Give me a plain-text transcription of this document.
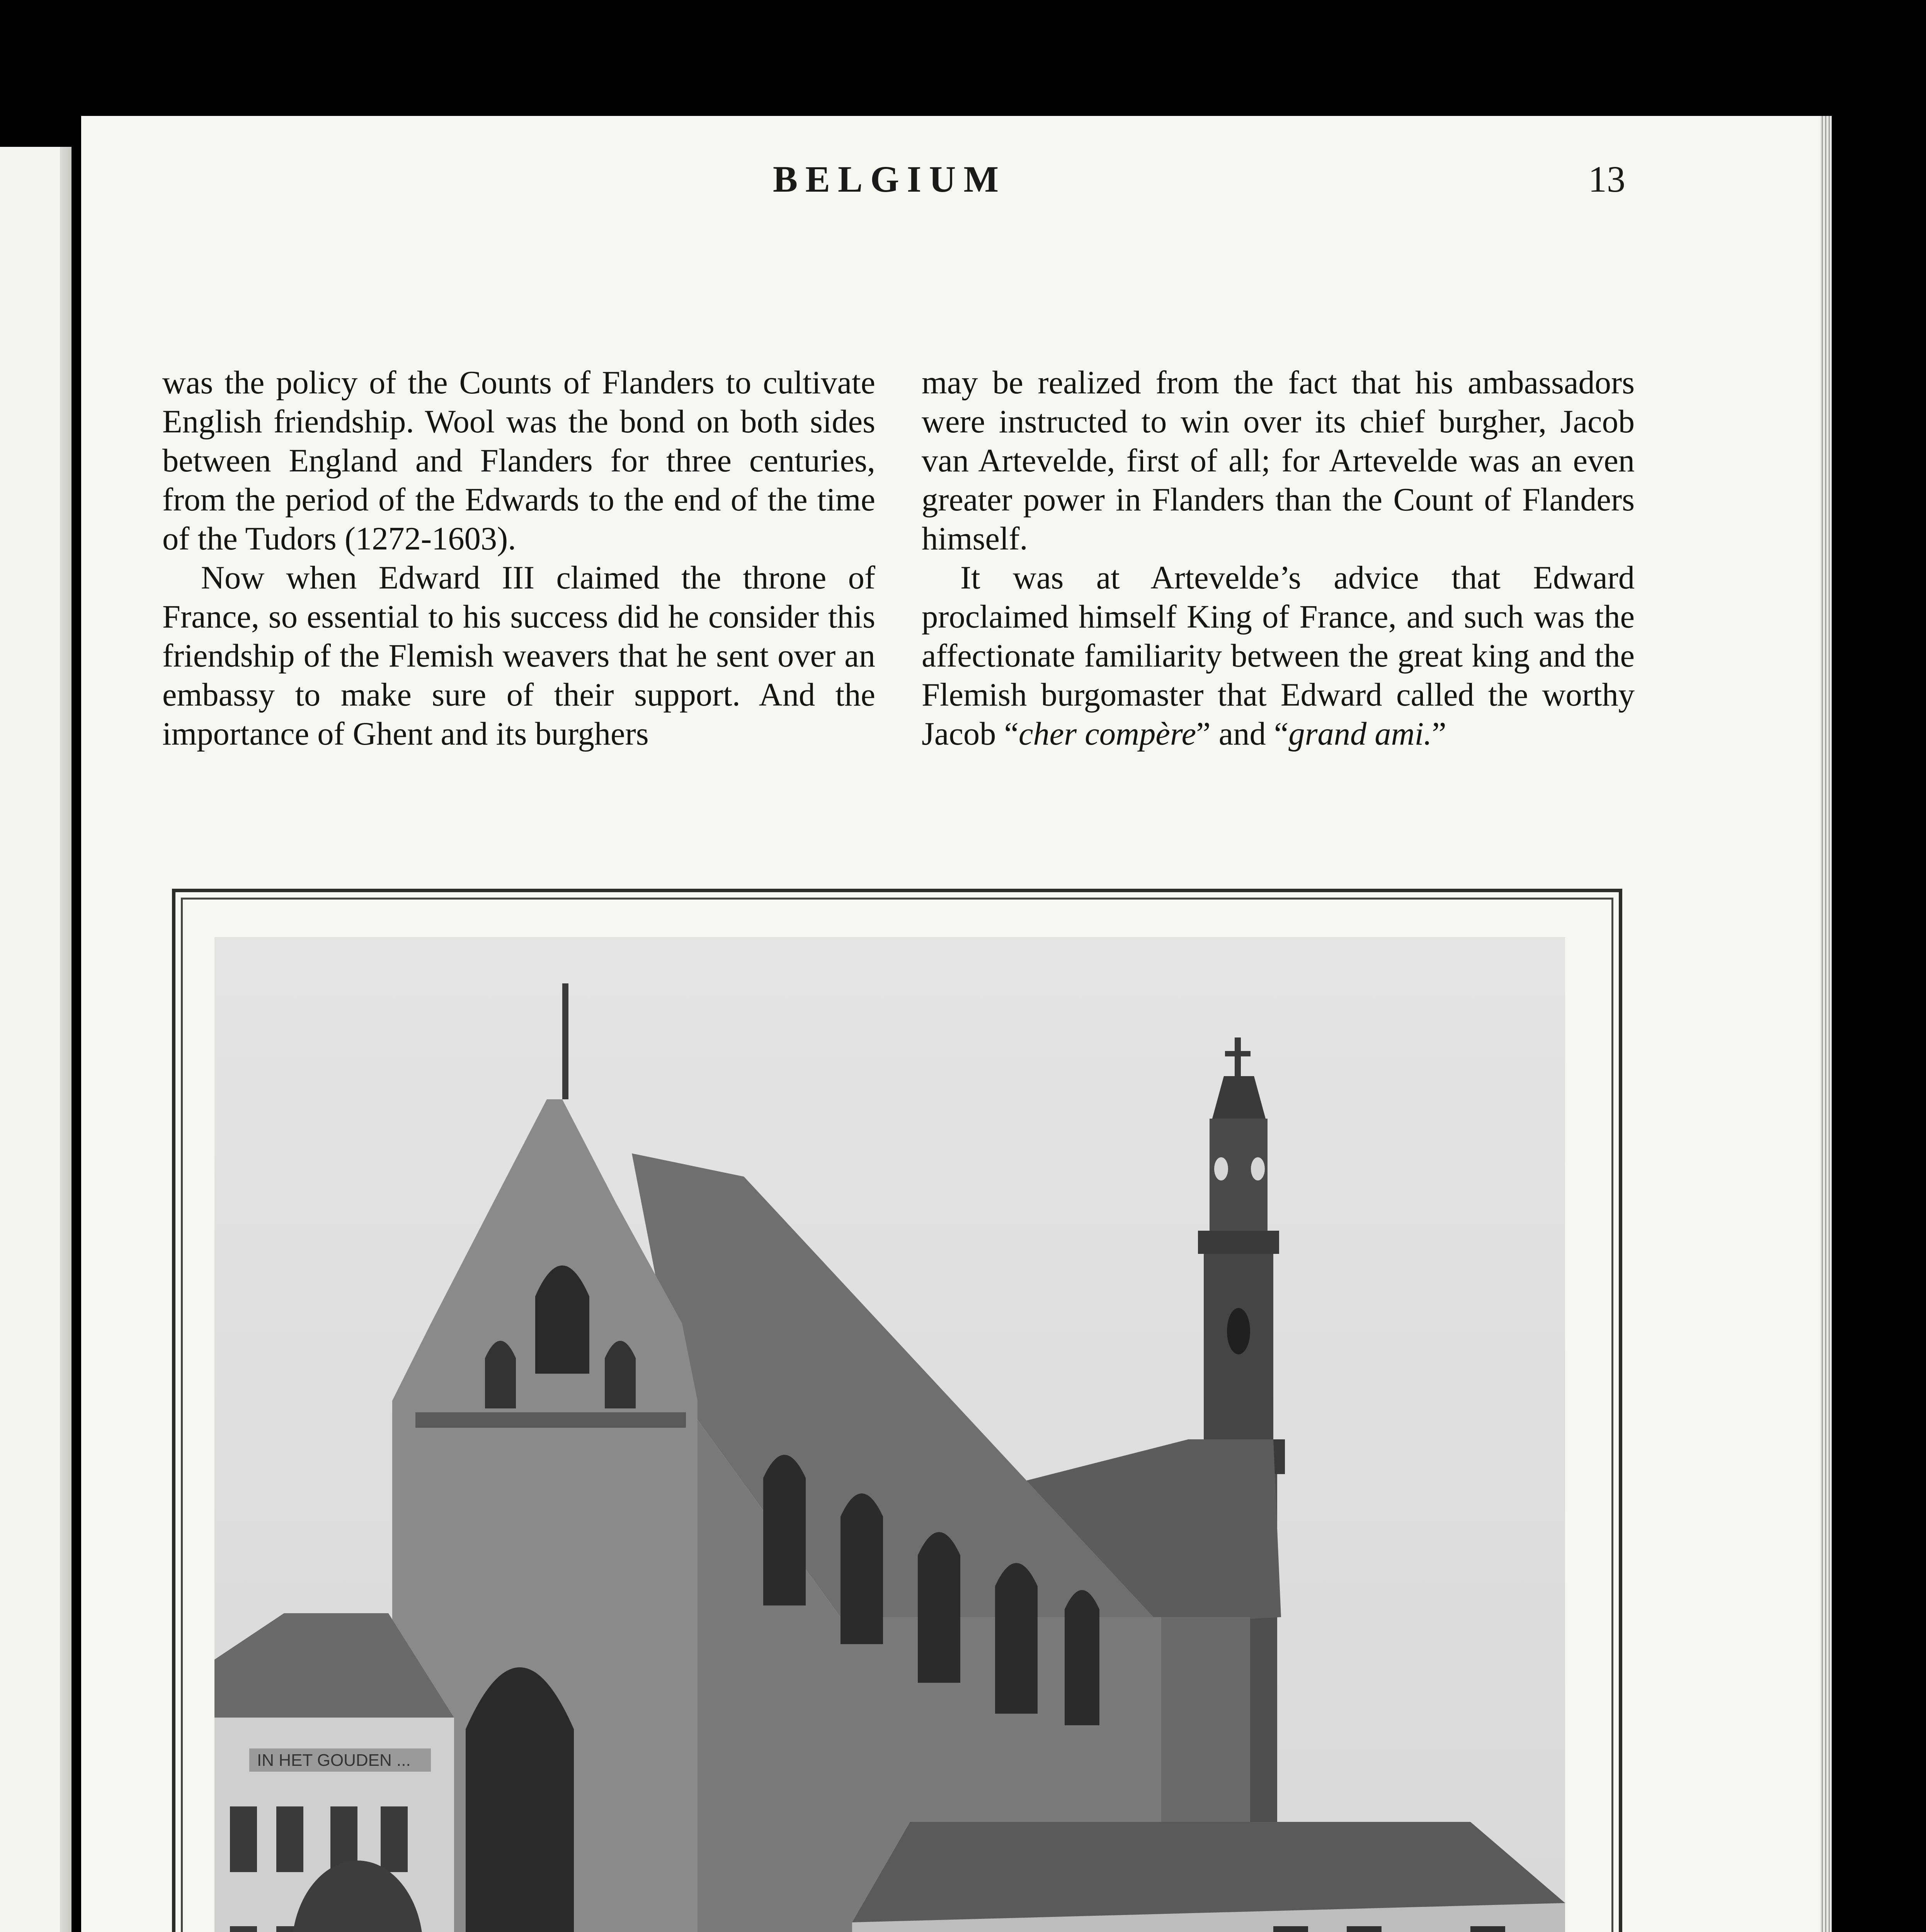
BELGIUM	13

was the policy of the Counts of Flanders to cultivate English friendship. Wool was the bond on both sides between England and Flanders for three centuries, from the period of the Edwards to the end of the time of the Tudors (1272-1603).

Now when Edward III claimed the throne of France, so essential to his success did he consider this friendship of the Flemish weavers that he sent over an embassy to make sure of their support. And the importance of Ghent and its burghers

may be realized from the fact that his ambassadors were instructed to win over its chief burgher, Jacob van Artevelde, first of all; for Artevelde was an even greater power in Flanders than the Count of Flanders himself.

It was at Artevelde’s advice that Edward proclaimed himself King of France, and such was the affectionate familiarity between the great king and the Flemish burgomaster that Edward called the worthy Jacob “cher compère” and “grand ami.”

IN HET GOUDEN ...
